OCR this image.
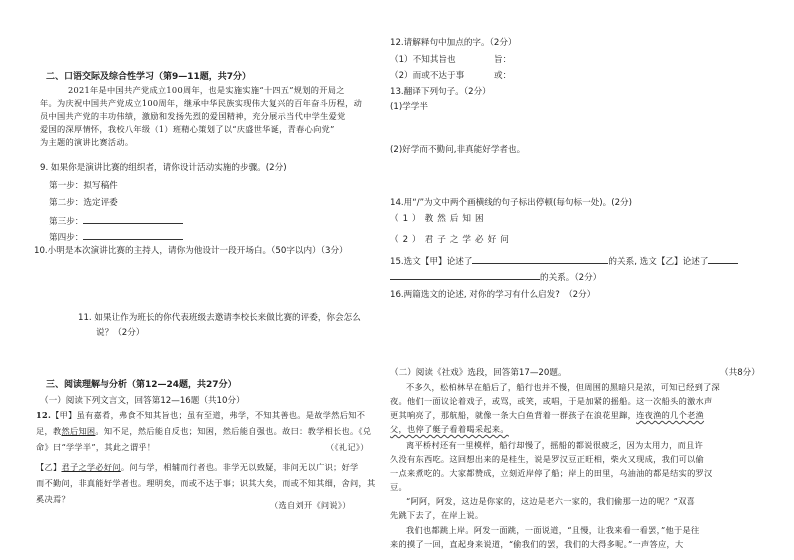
二、口语交际及综合性学习（第9—11题，共7分）
2021年是中国共产党成立100周年，也是实施实施“十四五”规划的开局之
年。为庆祝中国共产党成立100周年，继承中华民族实现伟大复兴的百年奋斗历程，动
员中国共产党的丰功伟绩，激励和发扬先烈的爱国精神，充分展示当代中学生爱党
爱国的深厚情怀，我校八年级（1）班精心策划了以“庆盛世华诞，青春心向党”
为主题的演讲比赛活动。
9. 如果你是演讲比赛的组织者，请你设计活动实施的步骤。(2分)
第一步：拟写稿件
第二步：选定评委
第三步：
第四步：
10.小明是本次演讲比赛的主持人，请你为他设计一段开场白。（50字以内）（3分）
11. 如果让作为班长的你代表班级去邀请李校长来做比赛的评委，你会怎么
说？（2分）
三、阅读理解与分析（第12—24题，共27分）
（一）阅读下列文言文，回答第12—16题（共10分）
12.【甲】虽有嘉肴，弗食不知其旨也；虽有至道，弗学，不知其善也。是故学然后知不
足，教然后知困。知不足，然后能自反也；知困，然后能自强也。故曰：教学相长也。《兑
命》曰“学学半”，其此之谓乎！	（《礼记》）
【乙】君子之学必好问。问与学，相辅而行者也。非学无以致疑，非问无以广识；好学
而不勤问，非真能好学者也。理明矣，而或不达于事；识其大矣，而或不知其细，舍问，其
奚决焉？
（选自刘开《问说》）
12.请解释句中加点的字。（2分）
（1）不知其旨也	旨：
（2）而或不达于事	或：
13.翻译下列句子。（2分）
(1)学学半
(2)好学而不勤问,非真能好学者也。
14.用“/”为文中两个画横线的句子标出停顿(每句标一处)。(2分)
（1）教然后知困
（2）君子之学必好问
15.选文【甲】论述了	的关系, 选文【乙】论述了
的关系。（2分）
16.两篇选文的论述, 对你的学习有什么启发?　（2分）
（二）阅读《社戏》选段，回答第17—20题。	（共8分）
不多久，松柏林早在船后了，船行也并不慢，但周围的黑暗只是浓，可知已经到了深
夜。他们一面议论着戏子，或骂，或笑，或唱，于是加紧的摇船。这一次船头的激水声
更其响亮了，那航船，就像一条大白鱼背着一群孩子在浪花里蹿，连夜渔的几个老渔
父，也停了艇子看着喝采起来。
离平桥村还有一里模样，船行却慢了，摇船的都说很疲乏，因为太用力，而且许
久没有东西吃。这回想出来的是桂生，说是罗汉豆正旺相，柴火又现成，我们可以偷
一点来煮吃的。大家都赞成，立刻近岸停了船；岸上的田里，乌油油的都是结实的罗汉
豆。
“阿阿，阿发，这边是你家的，这边是老六一家的，我们偷那一边的呢？”双喜
先跳下去了，在岸上说。
我们也都跳上岸。阿发一面跳，一面说道，“且慢，让我来看一看罢，”他于是往
来的摸了一回，直起身来说道，“偷我们的罢，我们的大得多呢。”一声答应，大
